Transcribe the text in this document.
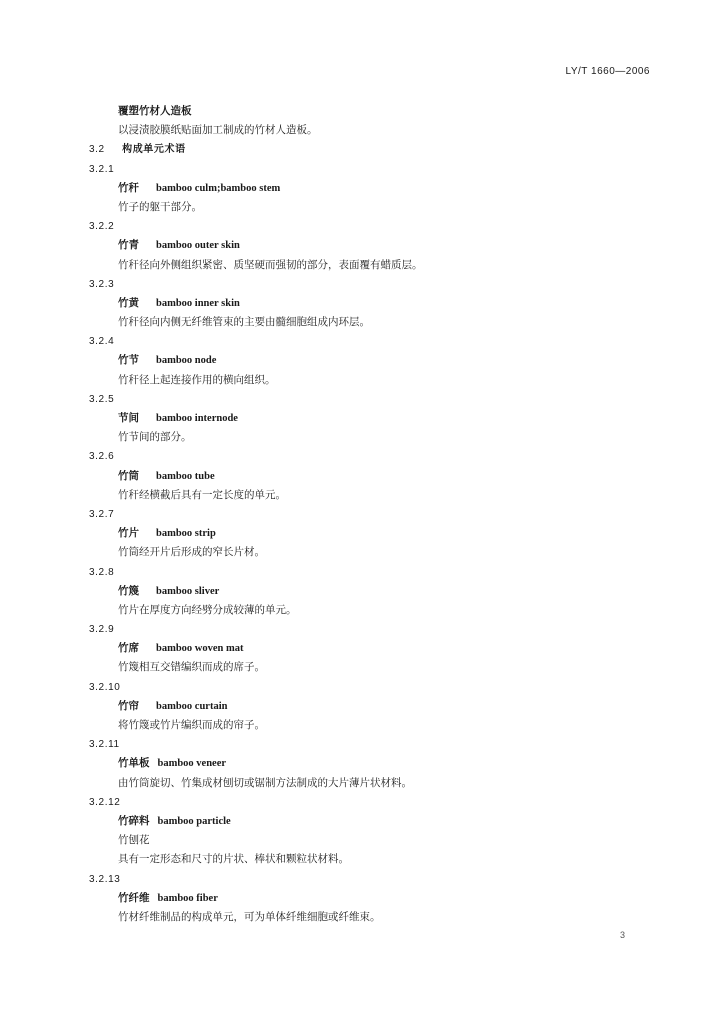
LY/T 1660—2006
覆塑竹材人造板
以浸渍胶膜纸贴面加工制成的竹材人造板。
3.2 构成单元术语
3.2.1
竹秆 bamboo culm;bamboo stem
竹子的躯干部分。
3.2.2
竹青 bamboo outer skin
竹秆径向外侧组织紧密、质坚硬而强韧的部分，表面覆有蜡质层。
3.2.3
竹黄 bamboo inner skin
竹秆径向内侧无纤维管束的主要由髓细胞组成内环层。
3.2.4
竹节 bamboo node
竹秆径上起连接作用的横向组织。
3.2.5
节间 bamboo internode
竹节间的部分。
3.2.6
竹筒 bamboo tube
竹秆经横截后具有一定长度的单元。
3.2.7
竹片 bamboo strip
竹筒经开片后形成的窄长片材。
3.2.8
竹篾 bamboo sliver
竹片在厚度方向经劈分成较薄的单元。
3.2.9
竹席 bamboo woven mat
竹篾相互交错编织而成的席子。
3.2.10
竹帘 bamboo curtain
将竹篾或竹片编织而成的帘子。
3.2.11
竹单板 bamboo veneer
由竹筒旋切、竹集成材刨切或锯制方法制成的大片薄片状材料。
3.2.12
竹碎料 bamboo particle
竹刨花
具有一定形态和尺寸的片状、棒状和颗粒状材料。
3.2.13
竹纤维 bamboo fiber
竹材纤维制品的构成单元，可为单体纤维细胞或纤维束。
3
